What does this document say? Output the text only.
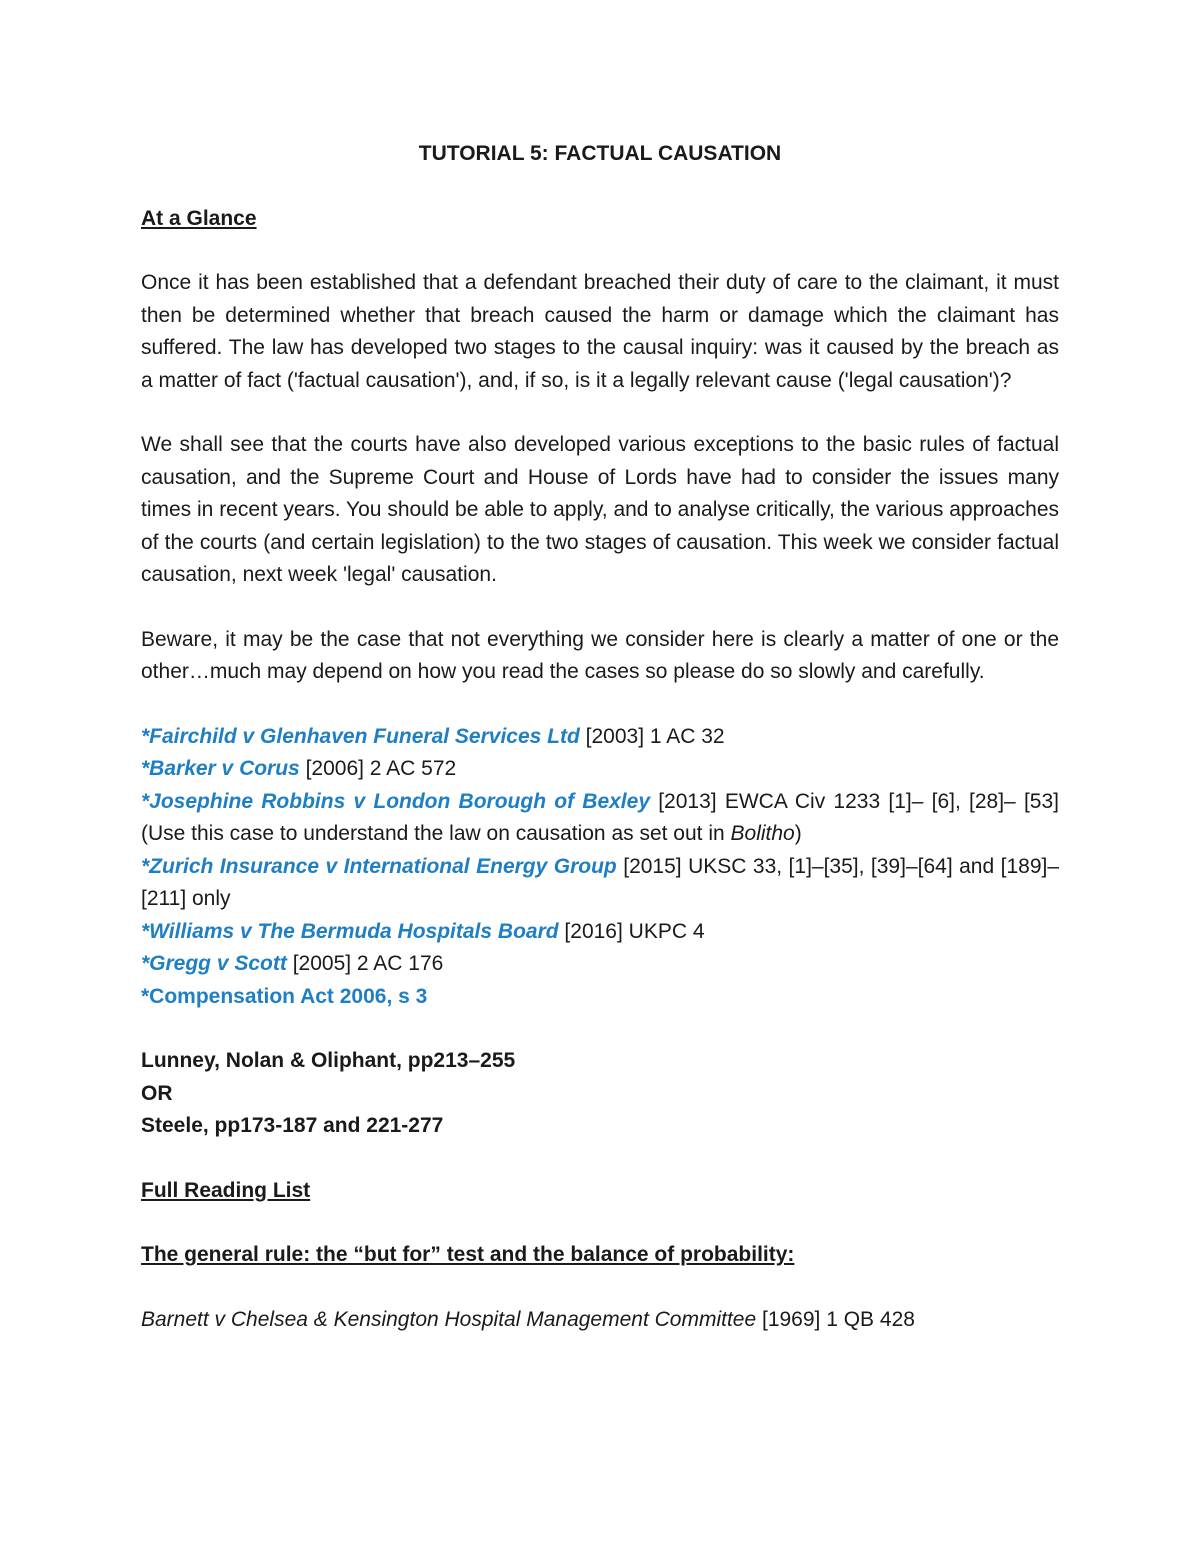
TUTORIAL 5: FACTUAL CAUSATION
At a Glance
Once it has been established that a defendant breached their duty of care to the claimant, it must then be determined whether that breach caused the harm or damage which the claimant has suffered. The law has developed two stages to the causal inquiry: was it caused by the breach as a matter of fact ('factual causation'), and, if so, is it a legally relevant cause ('legal causation')?
We shall see that the courts have also developed various exceptions to the basic rules of factual causation, and the Supreme Court and House of Lords have had to consider the issues many times in recent years. You should be able to apply, and to analyse critically, the various approaches of the courts (and certain legislation) to the two stages of causation. This week we consider factual causation, next week 'legal' causation.
Beware, it may be the case that not everything we consider here is clearly a matter of one or the other…much may depend on how you read the cases so please do so slowly and carefully.
*Fairchild v Glenhaven Funeral Services Ltd [2003] 1 AC 32
*Barker v Corus [2006] 2 AC 572
*Josephine Robbins v London Borough of Bexley [2013] EWCA Civ 1233 [1]– [6], [28]– [53] (Use this case to understand the law on causation as set out in Bolitho)
*Zurich Insurance v International Energy Group [2015] UKSC 33, [1]–[35], [39]–[64] and [189]–[211] only
*Williams v The Bermuda Hospitals Board [2016] UKPC 4
*Gregg v Scott [2005] 2 AC 176
*Compensation Act 2006, s 3
Lunney, Nolan & Oliphant, pp213–255
OR
Steele, pp173-187 and 221-277
Full Reading List
The general rule: the “but for” test and the balance of probability:
Barnett v Chelsea & Kensington Hospital Management Committee [1969] 1 QB 428
